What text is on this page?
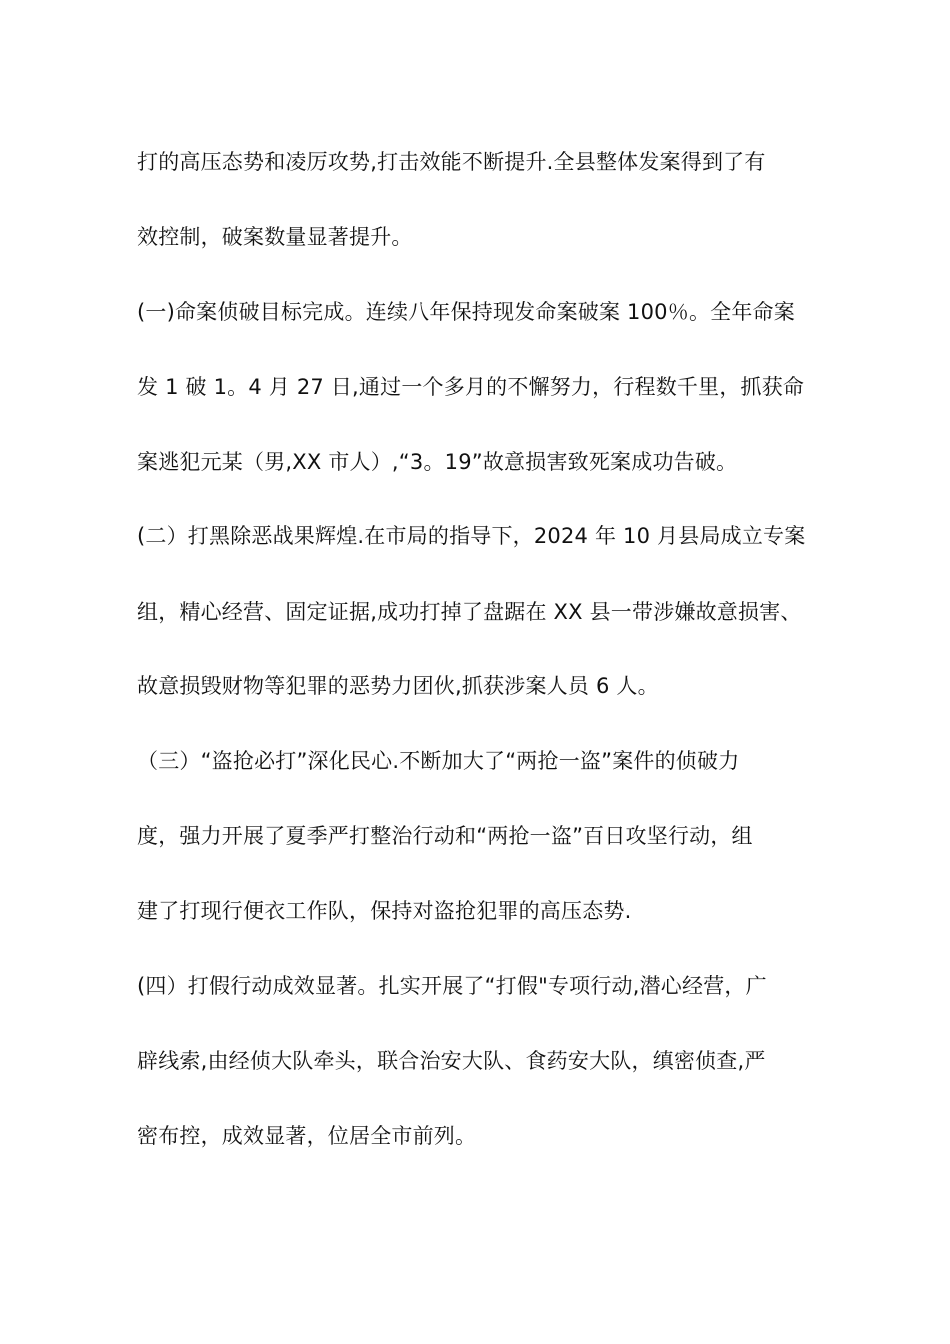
打的高压态势和凌厉攻势,打击效能不断提升.全县整体发案得到了有
效控制，破案数量显著提升。
(一)命案侦破目标完成。连续八年保持现发命案破案 100％。全年命案
发 1 破 1。4 月 27 日,通过一个多月的不懈努力，行程数千里，抓获命
案逃犯元某（男,XX 市人）,“3。19”故意损害致死案成功告破。
(二）打黑除恶战果辉煌.在市局的指导下，2024 年 10 月县局成立专案
组，精心经营、固定证据,成功打掉了盘踞在 XX 县一带涉嫌故意损害、
故意损毁财物等犯罪的恶势力团伙,抓获涉案人员 6 人。
（三）“盗抢必打”深化民心.不断加大了“两抢一盗”案件的侦破力
度，强力开展了夏季严打整治行动和“两抢一盗”百日攻坚行动，组
建了打现行便衣工作队，保持对盗抢犯罪的高压态势.
(四）打假行动成效显著。扎实开展了“打假"专项行动,潜心经营，广
辟线索,由经侦大队牵头，联合治安大队、食药安大队，缜密侦查,严
密布控，成效显著，位居全市前列。
